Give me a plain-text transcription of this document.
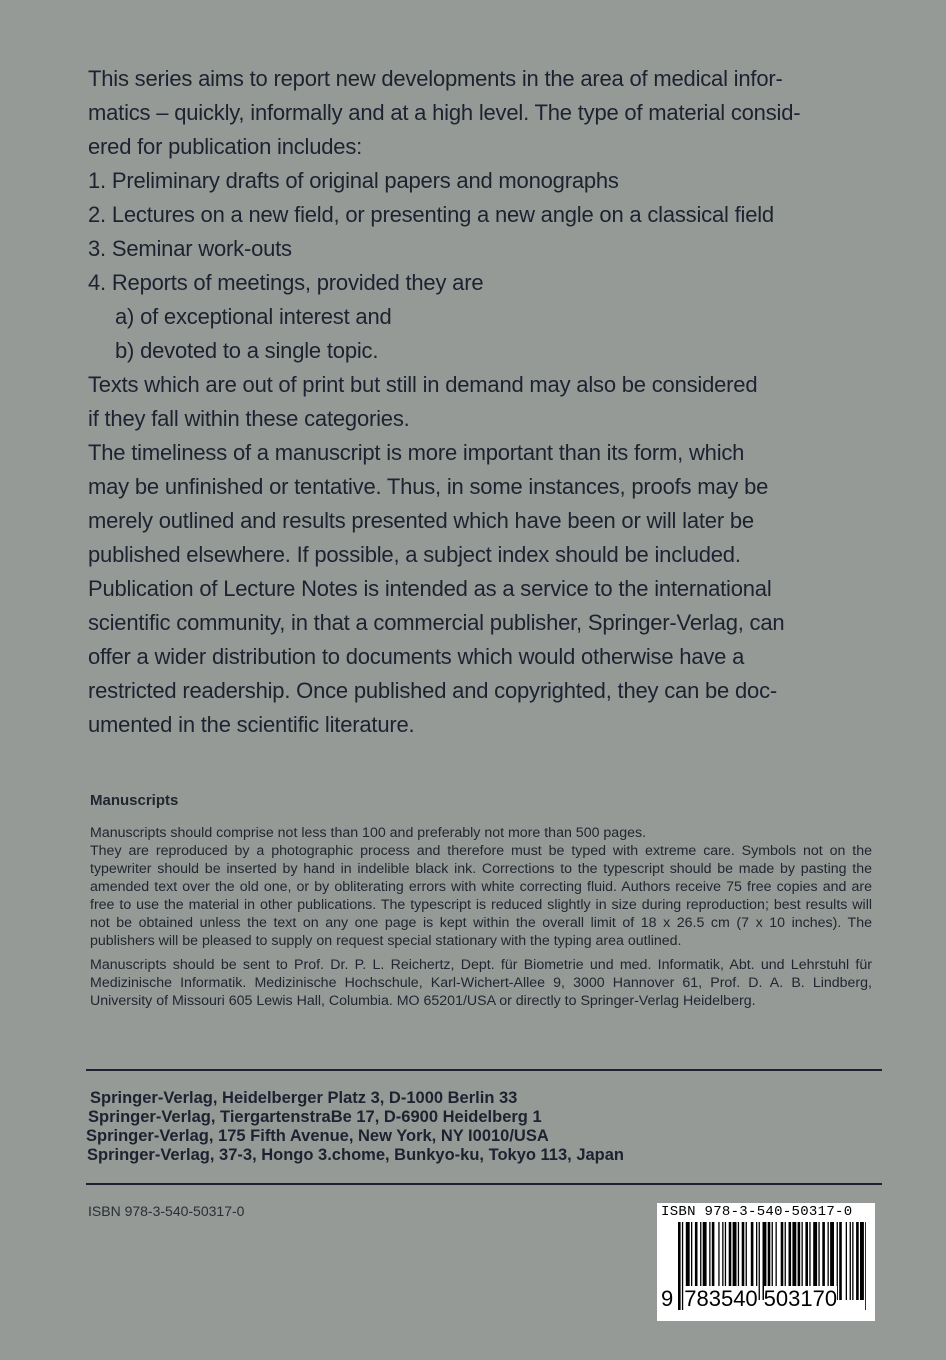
This series aims to report new developments in the area of medical infor-

matics – quickly, informally and at a high level. The type of material consid-

ered for publication includes:

1. Preliminary drafts of original papers and monographs

2. Lectures on a new field, or presenting a new angle on a classical field

3. Seminar work-outs

4. Reports of meetings, provided they are

a) of exceptional interest and

b) devoted to a single topic.

Texts which are out of print but still in demand may also be considered

if they fall within these categories.

The timeliness of a manuscript is more important than its form, which

may be unfinished or tentative. Thus, in some instances, proofs may be

merely outlined and results presented which have been or will later be

published elsewhere. If possible, a subject index should be included.

Publication of Lecture Notes is intended as a service to the international

scientific community, in that a commercial publisher, Springer-Verlag, can

offer a wider distribution to documents which would otherwise have a

restricted readership. Once published and copyrighted, they can be doc-

umented in the scientific literature.

Manuscripts

Manuscripts should comprise not less than 100 and preferably not more than 500 pages.

They are reproduced by a photographic process and therefore must be typed with extreme care. Symbols not on the typewriter should be inserted by hand in indelible black ink. Corrections to the typescript should be made by pasting the amended text over the old one, or by obliterating errors with white correcting fluid. Authors receive 75 free copies and are free to use the material in other publications. The typescript is reduced slightly in size during reproduction; best results will not be obtained unless the text on any one page is kept within the overall limit of 18 x 26.5 cm (7 x 10 inches). The publishers will be pleased to supply on request special stationary with the typing area outlined.

Manuscripts should be sent to Prof. Dr. P. L. Reichertz, Dept. für Biometrie und med. Informatik, Abt. und Lehrstuhl für Medizinische Informatik. Medizinische Hochschule, Karl-Wichert-Allee 9, 3000 Hannover 61, Prof. D. A. B. Lindberg, University of Missouri 605 Lewis Hall, Columbia. MO 65201/USA or directly to Springer-Verlag Heidelberg.

Springer-Verlag, Heidelberger Platz 3, D-1000 Berlin 33
Springer-Verlag, TiergartenstraBe 17, D-6900 Heidelberg 1
Springer-Verlag, 175 Fifth Avenue, New York, NY I0010/USA
Springer-Verlag, 37-3, Hongo 3.chome, Bunkyo-ku, Tokyo 113, Japan
ISBN 978-3-540-50317-0	ISBN 978-3-540-50317-0
9 783540 503170
